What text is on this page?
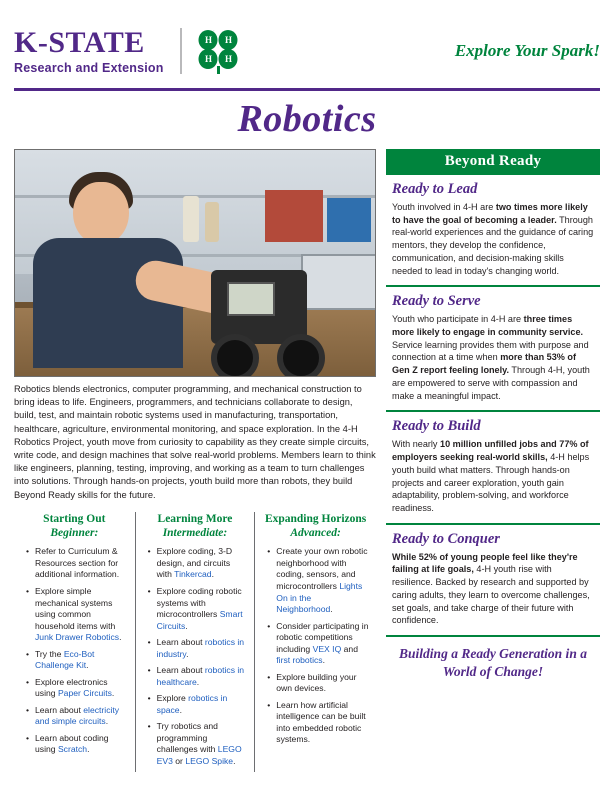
K-STATE
Research and Extension
H H
H H	Explore Your Spark!
Robotics
Robotics blends electronics, computer programming, and mechanical construction to bring ideas to life. Engineers, programmers, and technicians collaborate to design, build, test, and maintain robotic systems used in manufacturing, transportation, healthcare, agriculture, environmental monitoring, and space exploration. In the 4-H Robotics Project, youth move from curiosity to capability as they create simple circuits, write code, and design machines that solve real-world problems. Members learn to think like engineers, planning, testing, improving, and working as a team to turn challenges into solutions. Through hands-on projects, youth build more than robots, they build Beyond Ready skills for the future.
Starting Out
Beginner:
• Refer to Curriculum & Resources section for additional information.
• Explore simple mechanical systems using common household items with Junk Drawer Robotics.
• Try the Eco-Bot Challenge Kit.
• Explore electronics using Paper Circuits.
• Learn about electricity and simple circuits.
• Learn about coding using Scratch.
Learning More
Intermediate:
• Explore coding, 3-D design, and circuits with Tinkercad.
• Explore coding robotic systems with microcontrollers Smart Circuits.
• Learn about robotics in industry.
• Learn about robotics in healthcare.
• Explore robotics in space.
• Try robotics and programming challenges with LEGO EV3 or LEGO Spike.
Expanding Horizons
Advanced:
• Create your own robotic neighborhood with coding, sensors, and microcontrollers Lights On in the Neighborhood.
• Consider participating in robotic competitions including VEX IQ and first robotics.
• Explore building your own devices.
• Learn how artificial intelligence can be built into embedded robotic systems.
Beyond Ready
Ready to Lead

Youth involved in 4-H are two times more likely to have the goal of becoming a leader. Through real-world experiences and the guidance of caring mentors, they develop the confidence, communication, and decision-making skills needed to lead in today's changing world.

Ready to Serve

Youth who participate in 4-H are three times more likely to engage in community service. Service learning provides them with purpose and connection at a time when more than 53% of Gen Z report feeling lonely. Through 4-H, youth are empowered to serve with compassion and make a meaningful impact.

Ready to Build

With nearly 10 million unfilled jobs and 77% of employers seeking real-world skills, 4-H helps youth build what matters. Through hands-on projects and career exploration, youth gain adaptability, problem-solving, and workforce readiness.

Ready to Conquer

While 52% of young people feel like they're failing at life goals, 4-H youth rise with resilience. Backed by research and supported by caring adults, they learn to overcome challenges, set goals, and take charge of their future with confidence.

Building a Ready Generation in a World of Change!
